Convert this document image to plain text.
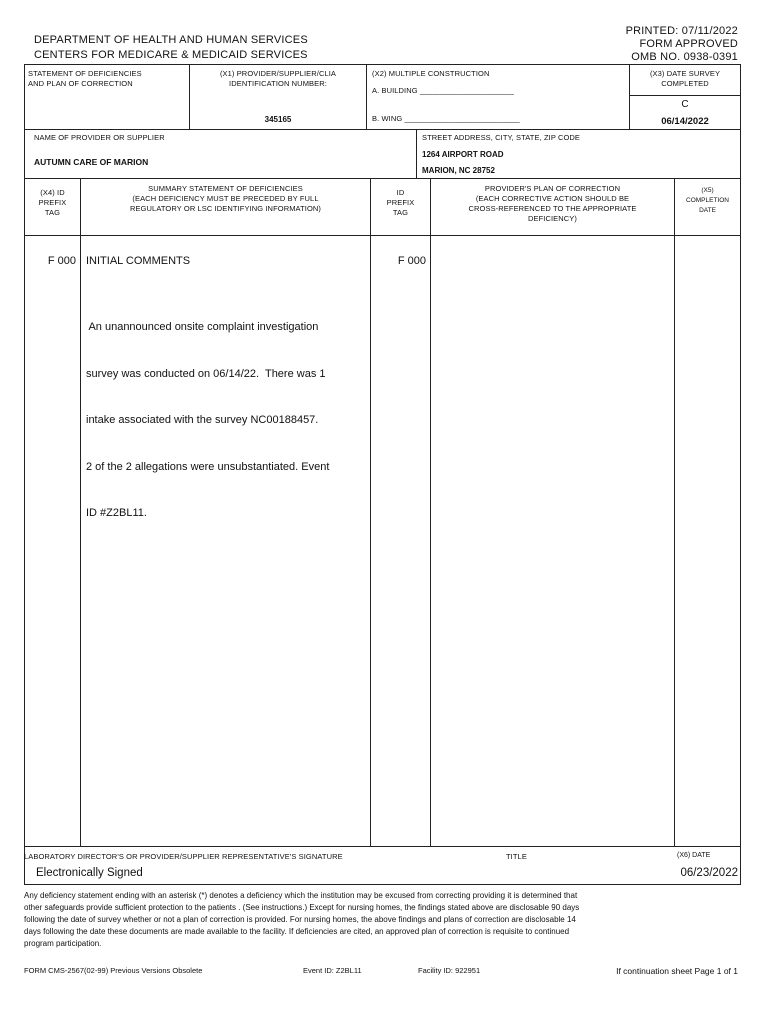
DEPARTMENT OF HEALTH AND HUMAN SERVICES
CENTERS FOR MEDICARE & MEDICAID SERVICES
PRINTED: 07/11/2022
FORM APPROVED
OMB NO. 0938-0391
STATEMENT OF DEFICIENCIES
AND PLAN OF CORRECTION
(X1) PROVIDER/SUPPLIER/CLIA
IDENTIFICATION NUMBER:
345165
(X2) MULTIPLE CONSTRUCTION
A. BUILDING ______________________
B. WING ___________________________
(X3) DATE SURVEY
COMPLETED
C
06/14/2022
NAME OF PROVIDER OR SUPPLIER
AUTUMN CARE OF MARION
STREET ADDRESS, CITY, STATE, ZIP CODE
1264 AIRPORT ROAD
MARION, NC 28752
(X4) ID
PREFIX
TAG
SUMMARY STATEMENT OF DEFICIENCIES
(EACH DEFICIENCY MUST BE PRECEDED BY FULL
REGULATORY OR LSC IDENTIFYING INFORMATION)
ID
PREFIX
TAG
PROVIDER'S PLAN OF CORRECTION
(EACH CORRECTIVE ACTION SHOULD BE
CROSS-REFERENCED TO THE APPROPRIATE
DEFICIENCY)
(X5)
COMPLETION
DATE
F 000 INITIAL COMMENTS

An unannounced onsite complaint investigation

survey was conducted on 06/14/22.  There was 1

intake associated with the survey NC00188457.

2 of the 2 allegations were unsubstantiated. Event

ID #Z2BL11.

F 000
LABORATORY DIRECTOR'S OR PROVIDER/SUPPLIER REPRESENTATIVE'S SIGNATURE	TITLE	(X6) DATE
Electronically Signed	06/23/2022
Any deficiency statement ending with an asterisk (*) denotes a deficiency which the institution may be excused from correcting providing it is determined that
other safeguards provide sufficient protection to the patients . (See instructions.) Except for nursing homes, the findings stated above are disclosable 90 days
following the date of survey whether or not a plan of correction is provided. For nursing homes, the above findings and plans of correction are disclosable 14
days following the date these documents are made available to the facility. If deficiencies are cited, an approved plan of correction is requisite to continued
program participation.
FORM CMS-2567(02-99) Previous Versions Obsolete	Event ID: Z2BL11	Facility ID: 922951	If continuation sheet Page 1 of 1
